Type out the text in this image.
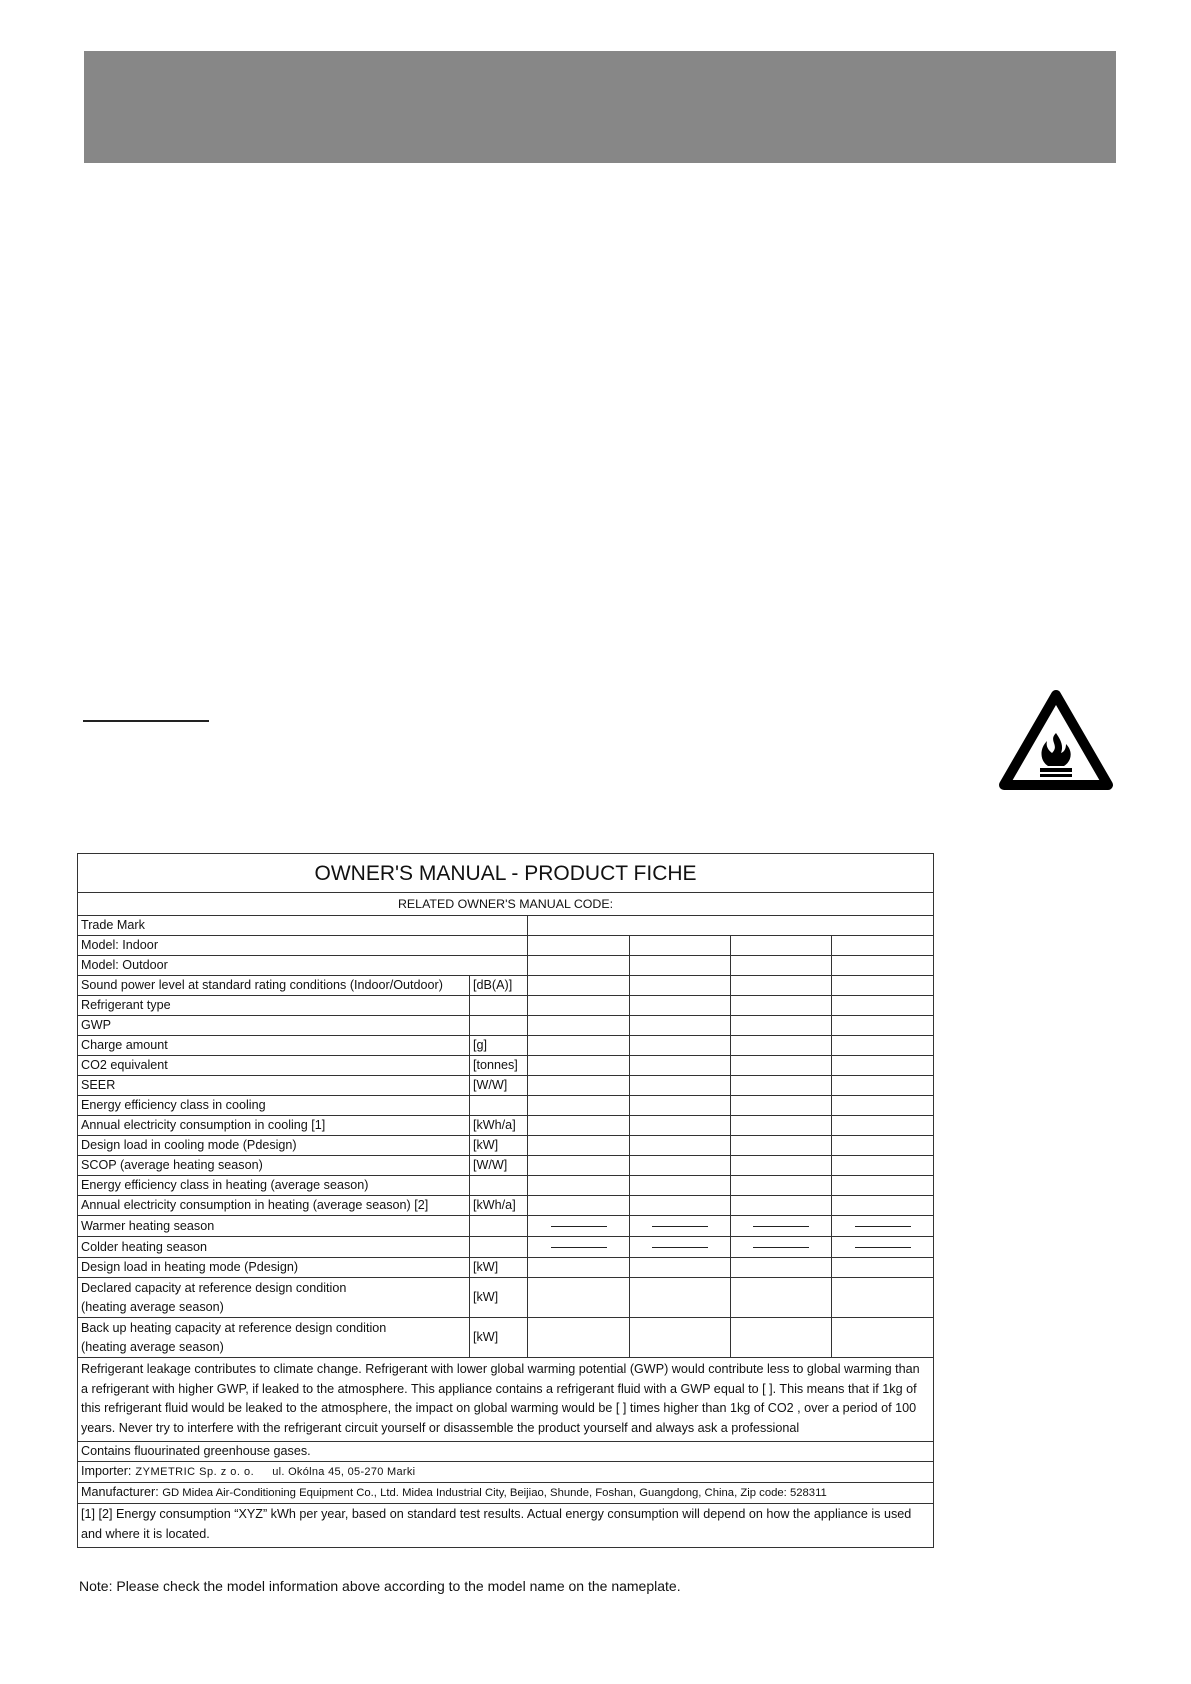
OWNER'S MANUAL - PRODUCT FICHE					
RELATED OWNER'S MANUAL CODE:					
Trade Mark					
Model: Indoor					
Model: Outdoor					
Sound power level at standard rating conditions (Indoor/Outdoor)	[dB(A)]				
Refrigerant type					
GWP					
Charge amount	[g]				
CO2 equivalent	[tonnes]				
SEER	[W/W]				
Energy efficiency class in cooling					
Annual electricity consumption in cooling [1]	[kWh/a]				
Design load in cooling mode (Pdesign)	[kW]				
SCOP (average heating season)	[W/W]				
Energy efficiency class in heating (average season)					
Annual electricity consumption in heating (average season) [2]	[kWh/a]				
Warmer heating season		

Colder heating season		

Design load in heating mode (Pdesign)	[kW]				
Declared capacity at reference design condition
(heating average season)	[kW]				
Back up heating capacity at reference design condition
(heating average season)	[kW]				
Refrigerant leakage contributes to climate change. Refrigerant with lower global warming potential (GWP) would contribute less to global warming than a refrigerant with higher GWP, if leaked to the atmosphere. This appliance contains a refrigerant fluid with a GWP equal to [ ]. This means that if 1kg of this refrigerant fluid would be leaked to the atmosphere, the impact on global warming would be [ ] times higher than 1kg of CO2 , over a period of 100 years. Never try to interfere with the refrigerant circuit yourself or disassemble the product yourself and always ask a professional					
Contains fluourinated greenhouse gases.					
Importer: ZYMETRIC Sp. z o. o. ul. Okólna 45, 05-270 Marki					
Manufacturer: GD Midea Air-Conditioning Equipment Co., Ltd. Midea Industrial City, Beijiao, Shunde, Foshan, Guangdong, China, Zip code: 528311					
[1] [2] Energy consumption “XYZ” kWh per year, based on standard test results. Actual energy consumption will depend on how the appliance is used and where it is located.					
Note: Please check the model information above according to the model name on the nameplate.
